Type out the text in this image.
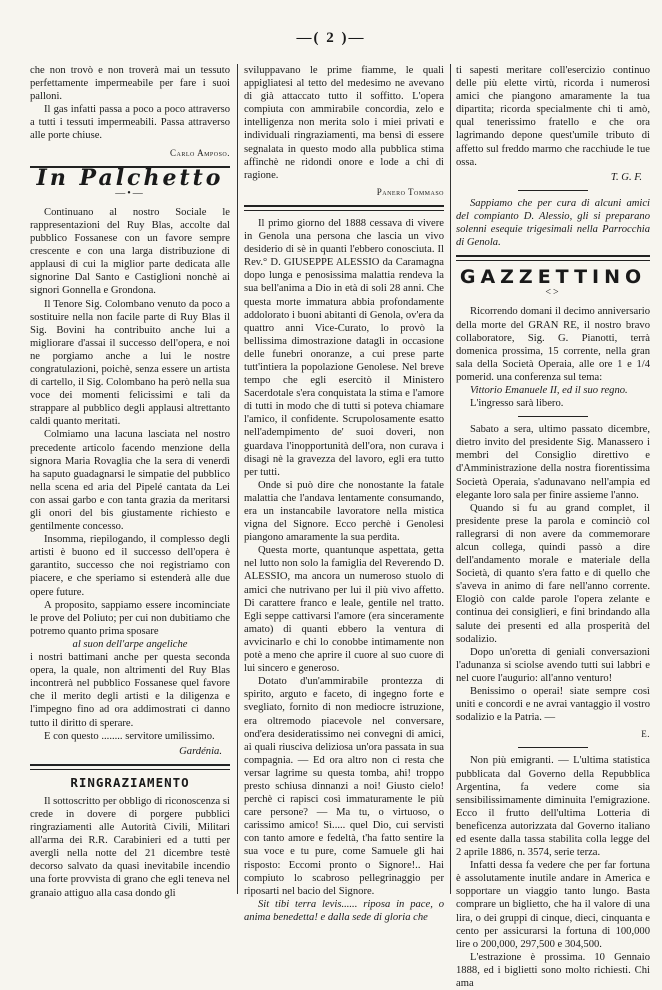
—( 2 )—

che non trovò e non troverà mai un tessuto perfettamente impermeabile per fare i suoi palloni.

Il gas infatti passa a poco a poco attraverso a tutti i tessuti impermeabili. Passa attraverso alle porte chiuse.

Carlo Amposo.
In Palchetto
—•—

Continuano al nostro Sociale le rappresentazioni del Ruy Blas, accolte dal pubblico Fossanese con un favore sempre crescente e con una larga distribuzione di applausi di cui la miglior parte dedicata alle signorine Dal Santo e Castiglioni nonchè ai signori Gonnella e Grondona.

Il Tenore Sig. Colombano venuto da poco a sostituire nella non facile parte di Ruy Blas il Sig. Bovini ha contribuito anche lui a migliorare d'assai il successo dell'opera, e noi ne porgiamo anche a lui le nostre congratulazioni, poichè, senza essere un artista di cartello, il Sig. Colombano ha però nella sua voce dei momenti felicissimi e tali da strappare al pubblico degli applausi altrettanto caldi quanto meritati.

Colmiamo una lacuna lasciata nel nostro precedente articolo facendo menzione della signora Maria Rovaglia che la sera di venerdì ha saputo guadagnarsi le simpatie del pubblico nella scena ed aria del Pipelé cantata da Lei con assai garbo e con tanta grazia da meritarsi gli onori del bis giustamente richiesto e gentilmente concesso.

Insomma, riepilogando, il complesso degli artisti è buono ed il successo dell'opera è garantito, successo che noi registriamo con piacere, e che speriamo si estenderà alle due opere future.

A proposito, sappiamo essere incominciate le prove del Poliuto; per cui non dubitiamo che potremo quanto prima sposare

al suon dell'arpe angeliche

i nostri battimani anche per questa seconda opera, la quale, non altrimenti del Ruy Blas incontrerà nel pubblico Fossanese quel favore che il merito degli artisti e la diligenza e l'impegno fino ad ora addimostrati ci danno tutto il diritto di sperare.

E con questo ........ servitore umilissimo.

Gardénia.
RINGRAZIAMENTO

Il sottoscritto per obbligo di riconoscenza si crede in dovere di porgere pubblici ringraziamenti alle Autorità Civili, Militari all'arma dei R.R. Carabinieri ed a tutti per avergli nella notte del 21 dicembre testè decorso salvato da quasi inevitabile incendio una forte provvista di grano che egli teneva nel granaio attiguo alla casa dondo gli

sviluppavano le prime fiamme, le quali appigliatesi al tetto del medesimo ne avevano di già attaccato tutto il soffitto. L'opera compiuta con ammirabile concordia, zelo e intelligenza non merita solo i miei privati e individuali ringraziamenti, ma bensì di essere segnalata in questo modo alla pubblica stima affinchè ne ridondi onore e lode a chi di ragione.

Panero Tommaso

Il primo giorno del 1888 cessava di vivere in Genola una persona che lascia un vivo desiderio di sè in quanti l'ebbero conosciuta. Il Rev.° D. GIUSEPPE ALESSIO da Caramagna dopo lunga e penosissima malattia rendeva la sua bell'anima a Dio in età di soli 28 anni. Che questa morte immatura abbia profondamente addolorato i buoni abitanti di Genola, ov'era da quattro anni Vice-Curato, lo provò la bellissima dimostrazione datagli in occasione delle funebri onoranze, a cui prese parte tutt'intiera la popolazione Genolese. Nel breve tempo che egli esercitò il Ministero Sacerdotale s'era conquistata la stima e l'amore di tutti in modo che di tutti si poteva chiamare l'amico, il confidente. Scrupolosamente esatto nell'adempimento de' suoi doveri, non guardava l'inopportunità dell'ora, non curava i disagi nè la gravezza del lavoro, egli era tutto per tutti.

Onde si può dire che nonostante la fatale malattia che l'andava lentamente consumando, era un instancabile lavoratore nella mistica vigna del Signore. Ecco perchè i Genolesi piangono amaramente la sua perdita.

Questa morte, quantunque aspettata, getta nel lutto non solo la famiglia del Reverendo D. ALESSIO, ma ancora un numeroso stuolo di amici che nutrivano per lui il più vivo affetto. Di carattere franco e leale, gentile nel tratto. Egli seppe cattivarsi l'amore (era sinceramente amato) di quanti ebbero la ventura di avvicinarlo e chi lo conobbe intimamente non potè a meno che aprire il cuore al suo cuore di lui sincero e generoso.

Dotato d'un'ammirabile prontezza di spirito, arguto e faceto, di ingegno forte e svegliato, fornito di non mediocre istruzione, era oltremodo piacevole nel conversare, ond'era desideratissimo nei convegni di amici, ai quali riusciva deliziosa un'ora passata in sua compagnia. — Ed ora altro non ci resta che versar lagrime su questa tomba, ahi! troppo presto schiusa dinnanzi a noi! Giusto cielo! perchè ci rapisci così immaturamente le più care persone? — Ma tu, o virtuoso, o carissimo amico! Sì..... quel Dio, cui servisti con tanto amore e fedeltà, t'ha fatto sentire la sua voce e tu pure, come Samuele gli hai risposto: Eccomi pronto o Signore!.. Hai compiuto lo scabroso pellegrinaggio per riposarti nel bacio del Signore.

Sit tibi terra levis...... riposa in pace, o anima benedetta! e dalla sede di gloria che

ti sapesti meritare coll'esercizio continuo delle più elette virtù, ricorda i numerosi amici che piangono amaramente la tua dipartita; ricorda specialmente chi ti amò, qual tenerissimo fratello e che ora lagrimando depone quest'umile tributo di affetto sul freddo marmo che racchiude le tue ossa.

T. G. F.

Sappiamo che per cura di alcuni amici del compianto D. Alessio, gli si preparano solenni esequie trigesimali nella Parrocchia di Genola.

GAZZETTINO
<>

Ricorrendo domani il decimo anniversario della morte del GRAN RE, il nostro bravo collaboratore, Sig. G. Pianotti, terrà domenica prossima, 15 corrente, nella gran sala della Società Operaia, alle ore 1 e 1/4 pomerid. una conferenza sul tema:

Vittorio Emanuele II, ed il suo regno.

L'ingresso sarà libero.

Sabato a sera, ultimo passato dicembre, dietro invito del presidente Sig. Manassero i membri del Consiglio direttivo e d'Amministrazione della nostra fiorentissima Società Operaia, s'adunavano nell'ampia ed elegante loro sala per finire assieme l'anno.

Quando si fu au grand complet, il presidente prese la parola e cominciò col rallegrarsi di non avere da commemorare alcun collega, quindi passò a dire dell'andamento morale e materiale della Società, di quanto s'era fatto e di quello che s'aveva in animo di fare nell'anno corrente. Elogiò con calde parole l'opera zelante e continua dei consiglieri, e fini brindando alla salute dei presenti ed alla prosperità del sodalizio.

Dopo un'oretta di geniali conversazioni l'adunanza si sciolse avendo tutti sui labbri e nel cuore l'augurio: all'anno venturo!

Benissimo o operai! siate sempre così uniti e concordi e ne avrai vantaggio il vostro sodalizio e la Patria. —

E.

Non più emigranti. — L'ultima statistica pubblicata dal Governo della Repubblica Argentina, fa vedere come sia sensibilissimamente diminuita l'emigrazione. Ecco il frutto dell'ultima Lotteria di beneficenza autorizzata dal Governo italiano ed esente dalla tassa stabilita colla legge del 2 aprile 1886, n. 3574, serie terza.

Infatti dessa fa vedere che per far fortuna è assolutamente inutile andare in America e sopportare un viaggio tanto lungo. Basta comprare un biglietto, che ha il valore di una lira, o dei gruppi di cinque, dieci, cinquanta e cento per assicurarsi la fortuna di 100,000 lire o 200,000, 297,500 e 304,500.

L'estrazione è prossima. 10 Gennaio 1888, ed i biglietti sono molto richiesti. Chi ama
